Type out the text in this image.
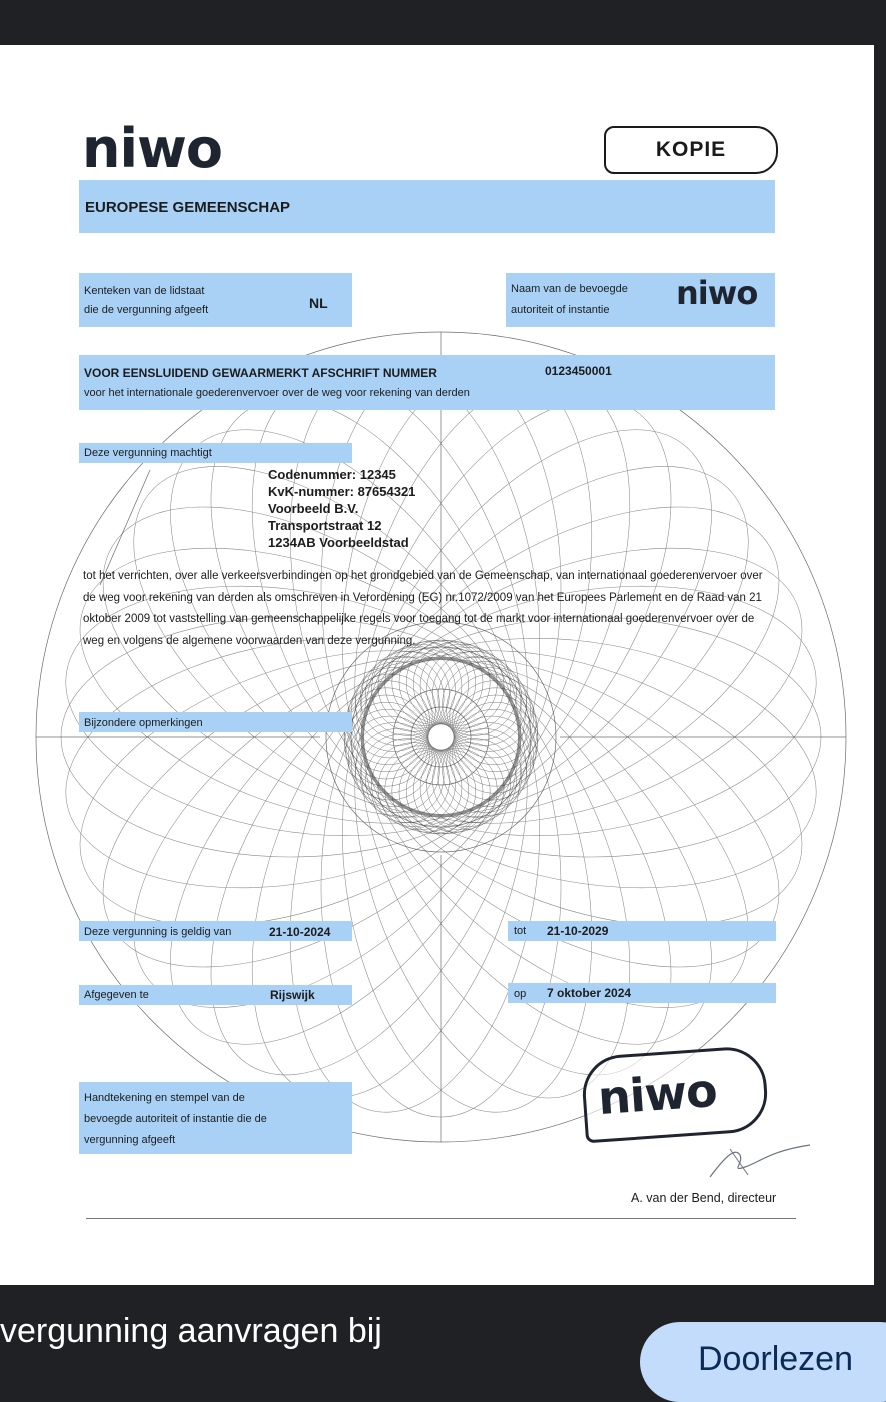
niwo	KOPIE
EUROPESE GEMEENSCHAP
Kenteken van de lidstaat
die de vergunning afgeeft	NL
Naam van de bevoegde
autoriteit of instantie niwo
VOOR EENSLUIDEND GEWAARMERKT AFSCHRIFT NUMMER	0123450001
voor het internationale goederenvervoer over de weg voor rekening van derden
Deze vergunning machtigt
Codenummer: 12345
KvK-nummer: 87654321
Voorbeeld B.V.
Transportstraat 12
1234AB Voorbeeldstad
tot het verrichten, over alle verkeersverbindingen op het grondgebied van de Gemeenschap, van internationaal goederenvervoer over de weg voor rekening van derden als omschreven in Verordening (EG) nr.1072/2009 van het Europees Parlement en de Raad van 21 oktober 2009 tot vaststelling van gemeenschappelijke regels voor toegang tot de markt voor internationaal goederenvervoer over de weg en volgens de algemene voorwaarden van deze vergunning.
Bijzondere opmerkingen
Deze vergunning is geldig van	21-10-2024	tot 21-10-2029
Afgegeven te	Rijswijk	op 7 oktober 2024
Handtekening en stempel van de
bevoegde autoriteit of instantie die de
vergunning afgeeft
niwo
A. van der Bend, directeur
vergunning aanvragen bij
Doorlezen
